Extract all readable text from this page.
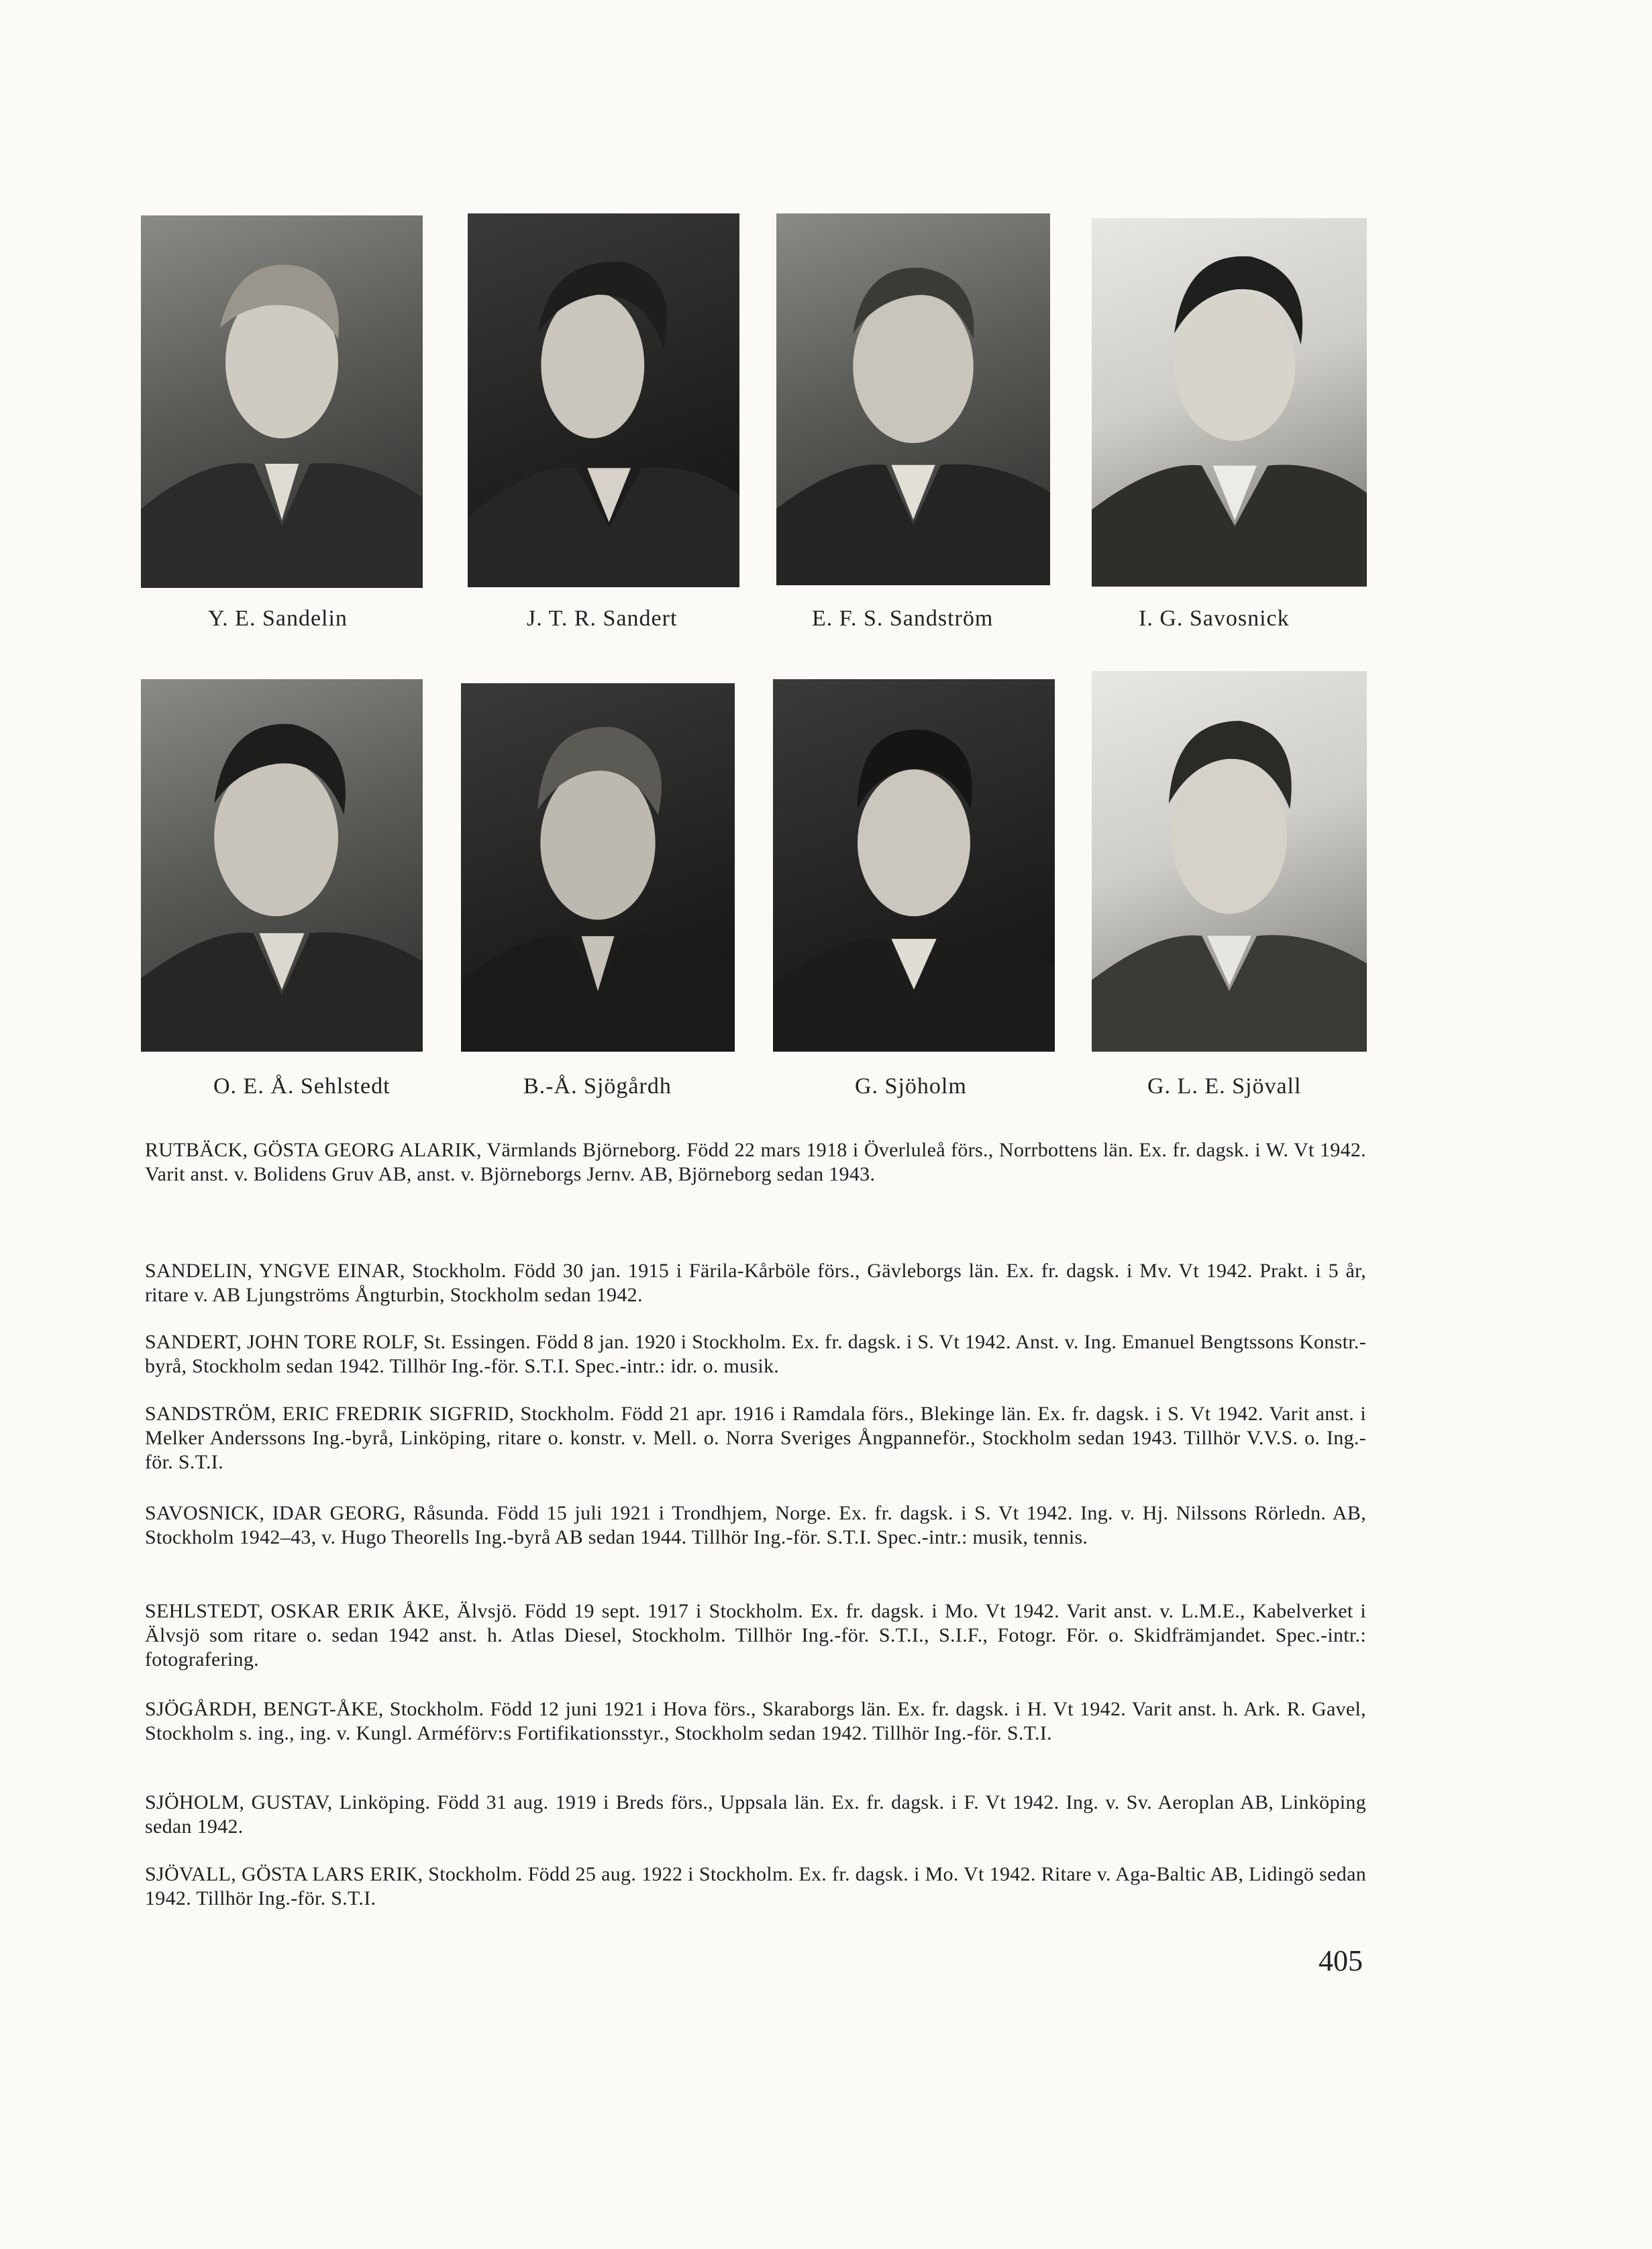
Y. E. Sandelin	J. T. R. Sandert	E. F. S. Sandström	I. G. Savosnick
O. E. Å. Sehlstedt	B.-Å. Sjögårdh	G. Sjöholm	G. L. E. Sjövall

RUTBÄCK, GÖSTA GEORG ALARIK, Värmlands Björneborg. Född 22 mars 1918 i Överluleå förs., Norrbottens län. Ex. fr. dagsk. i W. Vt 1942. Varit anst. v. Bolidens Gruv AB, anst. v. Björneborgs Jernv. AB, Björneborg sedan 1943.

SANDELIN, YNGVE EINAR, Stockholm. Född 30 jan. 1915 i Färila-Kårböle förs., Gävleborgs län. Ex. fr. dagsk. i Mv. Vt 1942. Prakt. i 5 år, ritare v. AB Ljungströms Ångturbin, Stockholm sedan 1942.

SANDERT, JOHN TORE ROLF, St. Essingen. Född 8 jan. 1920 i Stockholm. Ex. fr. dagsk. i S. Vt 1942. Anst. v. Ing. Emanuel Bengtssons Konstr.-byrå, Stockholm sedan 1942. Tillhör Ing.-för. S.T.I. Spec.-intr.: idr. o. musik.

SANDSTRÖM, ERIC FREDRIK SIGFRID, Stockholm. Född 21 apr. 1916 i Ramdala förs., Blekinge län. Ex. fr. dagsk. i S. Vt 1942. Varit anst. i Melker Anderssons Ing.-byrå, Linköping, ritare o. konstr. v. Mell. o. Norra Sveriges Ångpanneför., Stockholm sedan 1943. Tillhör V.V.S. o. Ing.-för. S.T.I.

SAVOSNICK, IDAR GEORG, Råsunda. Född 15 juli 1921 i Trondhjem, Norge. Ex. fr. dagsk. i S. Vt 1942. Ing. v. Hj. Nilssons Rörledn. AB, Stockholm 1942–43, v. Hugo Theorells Ing.-byrå AB sedan 1944. Tillhör Ing.-för. S.T.I. Spec.-intr.: musik, tennis.

SEHLSTEDT, OSKAR ERIK ÅKE, Älvsjö. Född 19 sept. 1917 i Stockholm. Ex. fr. dagsk. i Mo. Vt 1942. Varit anst. v. L.M.E., Kabelverket i Älvsjö som ritare o. sedan 1942 anst. h. Atlas Diesel, Stockholm. Tillhör Ing.-för. S.T.I., S.I.F., Fotogr. För. o. Skidfrämjandet. Spec.-intr.: fotografering.

SJÖGÅRDH, BENGT-ÅKE, Stockholm. Född 12 juni 1921 i Hova förs., Skaraborgs län. Ex. fr. dagsk. i H. Vt 1942. Varit anst. h. Ark. R. Gavel, Stockholm s. ing., ing. v. Kungl. Arméförv:s Fortifikationsstyr., Stockholm sedan 1942. Tillhör Ing.-för. S.T.I.

SJÖHOLM, GUSTAV, Linköping. Född 31 aug. 1919 i Breds förs., Uppsala län. Ex. fr. dagsk. i F. Vt 1942. Ing. v. Sv. Aeroplan AB, Linköping sedan 1942.

SJÖVALL, GÖSTA LARS ERIK, Stockholm. Född 25 aug. 1922 i Stockholm. Ex. fr. dagsk. i Mo. Vt 1942. Ritare v. Aga-Baltic AB, Lidingö sedan 1942. Tillhör Ing.-för. S.T.I.

405
